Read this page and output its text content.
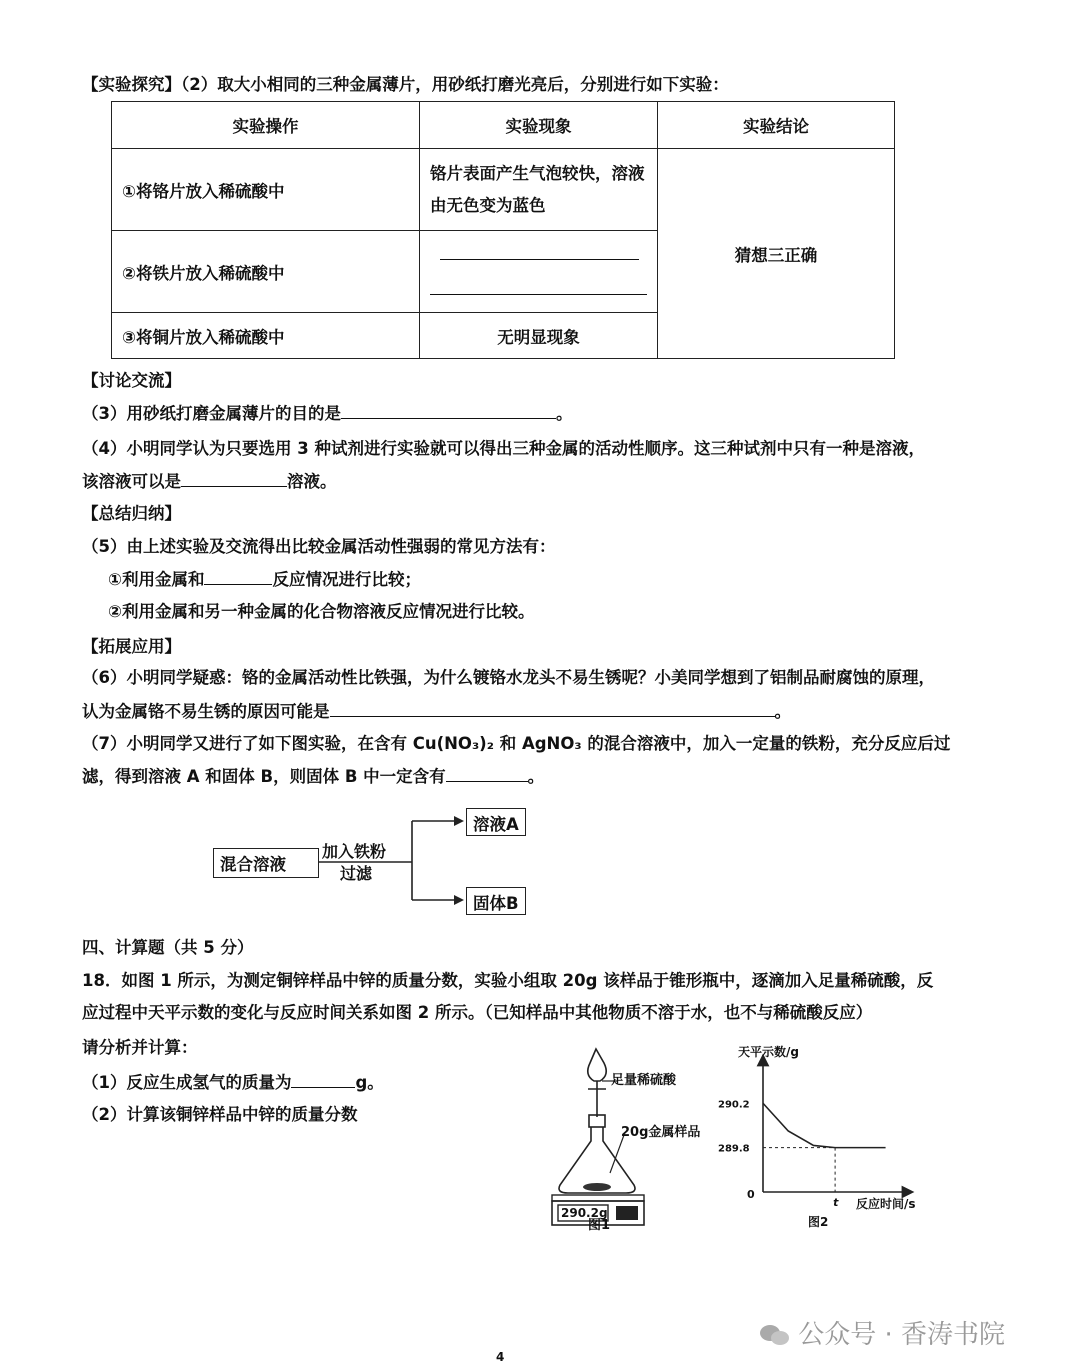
【实验探究】（2）取大小相同的三种金属薄片，用砂纸打磨光亮后，分别进行如下实验：
实验操作	实验现象	实验结论
①将铬片放入稀硫酸中	铬片表面产生气泡较快，溶液由无色变为蓝色	猜想三正确
②将铁片放入稀硫酸中		

③将铜片放入稀硫酸中	无明显现象	
【讨论交流】
（3）用砂纸打磨金属薄片的目的是	。
（4）小明同学认为只要选用 3 种试剂进行实验就可以得出三种金属的活动性顺序。这三种试剂中只有一种是溶液，
该溶液可以是	溶液。
【总结归纳】
（5）由上述实验及交流得出比较金属活动性强弱的常见方法有：
①利用金属和	反应情况进行比较；
②利用金属和另一种金属的化合物溶液反应情况进行比较。
【拓展应用】
（6）小明同学疑惑：铬的金属活动性比铁强，为什么镀铬水龙头不易生锈呢？小美同学想到了铝制品耐腐蚀的原理，
认为金属铬不易生锈的原因可能是	。
（7）小明同学又进行了如下图实验，在含有 Cu(NO₃)₂ 和 AgNO₃ 的混合溶液中，加入一定量的铁粉，充分反应后过
滤，得到溶液 A 和固体 B，则固体 B 中一定含有	。
混合溶液
加入铁粉
过滤
溶液A
固体B
四、计算题（共 5 分）
18．如图 1 所示，为测定铜锌样品中锌的质量分数，实验小组取 20g 该样品于锥形瓶中，逐滴加入足量稀硫酸，反
应过程中天平示数的变化与反应时间关系如图 2 所示。（已知样品中其他物质不溶于水，也不与稀硫酸反应）
请分析并计算：
（1）反应生成氢气的质量为	g。
（2）计算该铜锌样品中锌的质量分数
足量稀硫酸
20g金属样品
290.2g
图1
天平示数/g
反应时间/s
0
290.2
289.8
t
图2
4
公众号 · 香涛书院
